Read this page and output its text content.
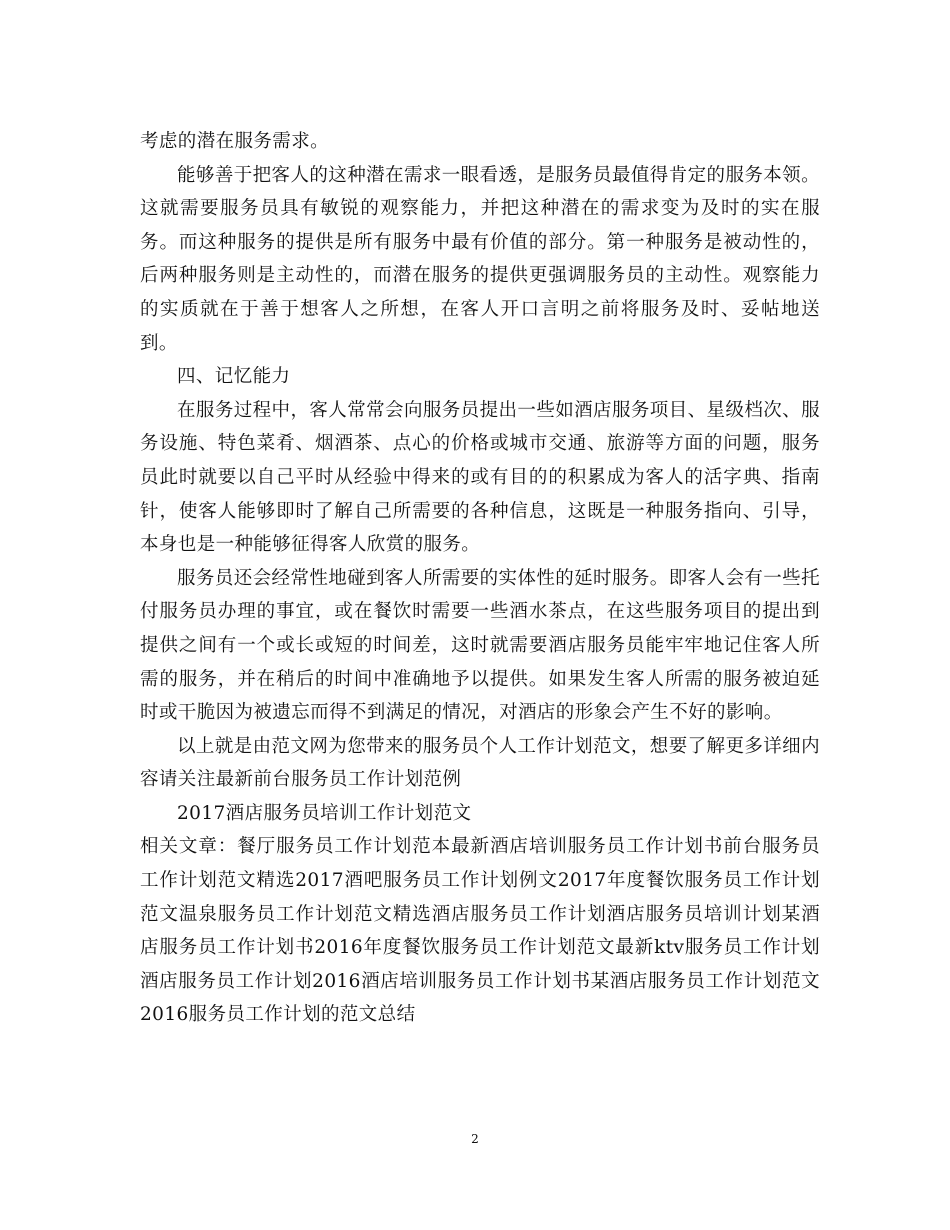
考虑的潜在服务需求。

能够善于把客人的这种潜在需求一眼看透，是服务员最值得肯定的服务本领。这就需要服务员具有敏锐的观察能力，并把这种潜在的需求变为及时的实在服务。而这种服务的提供是所有服务中最有价值的部分。第一种服务是被动性的，后两种服务则是主动性的，而潜在服务的提供更强调服务员的主动性。观察能力的实质就在于善于想客人之所想，在客人开口言明之前将服务及时、妥帖地送到。

四、记忆能力

在服务过程中，客人常常会向服务员提出一些如酒店服务项目、星级档次、服务设施、特色菜肴、烟酒茶、点心的价格或城市交通、旅游等方面的问题，服务员此时就要以自己平时从经验中得来的或有目的的积累成为客人的活字典、指南针，使客人能够即时了解自己所需要的各种信息，这既是一种服务指向、引导，本身也是一种能够征得客人欣赏的服务。

服务员还会经常性地碰到客人所需要的实体性的延时服务。即客人会有一些托付服务员办理的事宜，或在餐饮时需要一些酒水茶点，在这些服务项目的提出到提供之间有一个或长或短的时间差，这时就需要酒店服务员能牢牢地记住客人所需的服务，并在稍后的时间中准确地予以提供。如果发生客人所需的服务被迫延时或干脆因为被遗忘而得不到满足的情况，对酒店的形象会产生不好的影响。

以上就是由范文网为您带来的服务员个人工作计划范文，想要了解更多详细内容请关注最新前台服务员工作计划范例

2017酒店服务员培训工作计划范文

相关文章：餐厅服务员工作计划范本最新酒店培训服务员工作计划书前台服务员工作计划范文精选2017酒吧服务员工作计划例文2017年度餐饮服务员工作计划范文温泉服务员工作计划范文精选酒店服务员工作计划酒店服务员培训计划某酒店服务员工作计划书2016年度餐饮服务员工作计划范文最新ktv服务员工作计划酒店服务员工作计划2016酒店培训服务员工作计划书某酒店服务员工作计划范文2016服务员工作计划的范文总结

2
